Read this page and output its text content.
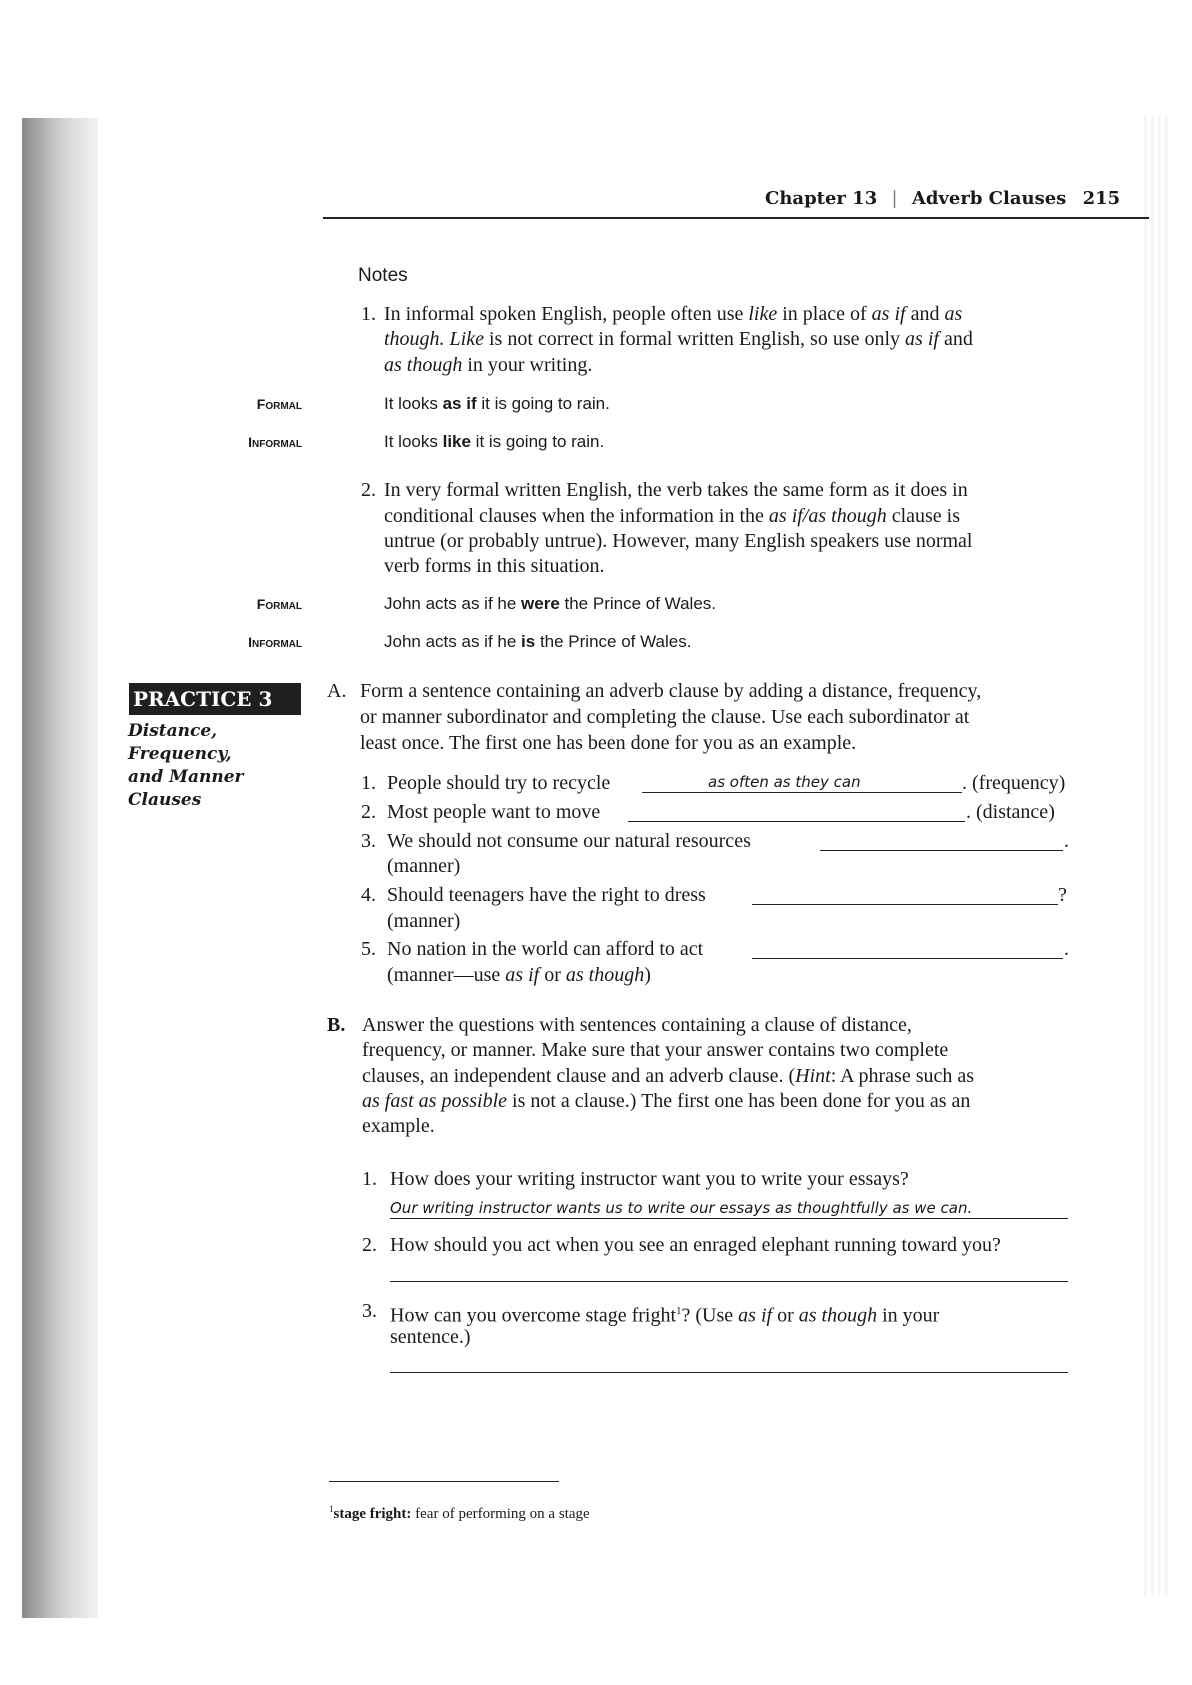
Chapter 13 | Adverb Clauses 215
Notes
1. In informal spoken English, people often use like in place of as if and as
though. Like is not correct in formal written English, so use only as if and
as though in your writing.
Formal	It looks as if it is going to rain.
Informal	It looks like it is going to rain.
2. In very formal written English, the verb takes the same form as it does in
conditional clauses when the information in the as if/as though clause is
untrue (or probably untrue). However, many English speakers use normal
verb forms in this situation.
Formal	John acts as if he were the Prince of Wales.
Informal	John acts as if he is the Prince of Wales.
PRACTICE 3
Distance,
Frequency,
and Manner
Clauses
A. Form a sentence containing an adverb clause by adding a distance, frequency,
or manner subordinator and completing the clause. Use each subordinator at
least once. The first one has been done for you as an example.
1. People should try to recycle	as often as they can	. (frequency)
2. Most people want to move	. (distance)
3. We should not consume our natural resources	.
(manner)
4. Should teenagers have the right to dress	?
(manner)
5. No nation in the world can afford to act	.
(manner—use as if or as though)
B. Answer the questions with sentences containing a clause of distance,
frequency, or manner. Make sure that your answer contains two complete
clauses, an independent clause and an adverb clause. (Hint: A phrase such as
as fast as possible is not a clause.) The first one has been done for you as an
example.
1. How does your writing instructor want you to write your essays?
Our writing instructor wants us to write our essays as thoughtfully as we can.
2. How should you act when you see an enraged elephant running toward you?
3. How can you overcome stage fright$^1$? (Use as if or as though in your
sentence.)
$^1$stage fright: fear of performing on a stage
